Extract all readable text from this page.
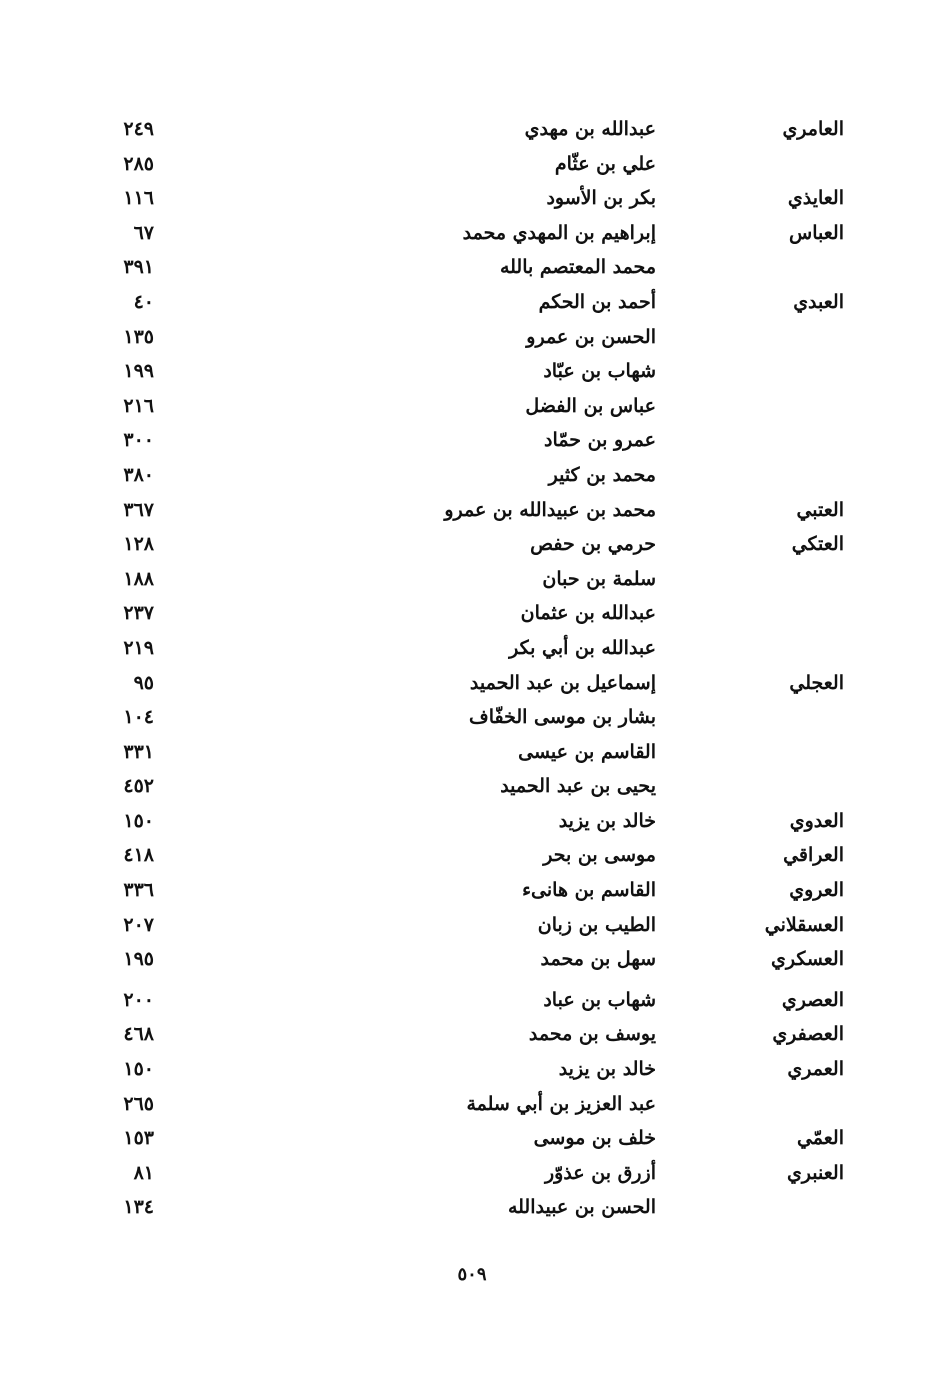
العامري
عبدالله بن مهدي
٢٤٩
علي بن عثّام
٢٨٥
العايذي
بكر بن الأسود
١١٦
العباس
إبراهيم بن المهدي محمد
٦٧
محمد المعتصم بالله
٣٩١
العبدي
أحمد بن الحكم
٤٠
الحسن بن عمرو
١٣٥
شهاب بن عبّاد
١٩٩
عباس بن الفضل
٢١٦
عمرو بن حمّاد
٣٠٠
محمد بن كثير
٣٨٠
العتبي
محمد بن عبيدالله بن عمرو
٣٦٧
العتكي
حرمي بن حفص
١٢٨
سلمة بن حبان
١٨٨
عبدالله بن عثمان
٢٣٧
عبدالله بن أبي بكر
٢١٩
العجلي
إسماعيل بن عبد الحميد
٩٥
بشار بن موسى الخفّاف
١٠٤
القاسم بن عيسى
٣٣١
يحيى بن عبد الحميد
٤٥٢
العدوي
خالد بن يزيد
١٥٠
العراقي
موسى بن بحر
٤١٨
العروي
القاسم بن هانىء
٣٣٦
العسقلاني
الطيب بن زبان
٢٠٧
العسكري
سهل بن محمد
١٩٥
العصري
شهاب بن عباد
٢٠٠
العصفري
يوسف بن محمد
٤٦٨
العمري
خالد بن يزيد
١٥٠
عبد العزيز بن أبي سلمة
٢٦٥
العمّي
خلف بن موسى
١٥٣
العنبري
أزرق بن عذوّر
٨١
الحسن بن عبيدالله
١٣٤
٥٠٩
